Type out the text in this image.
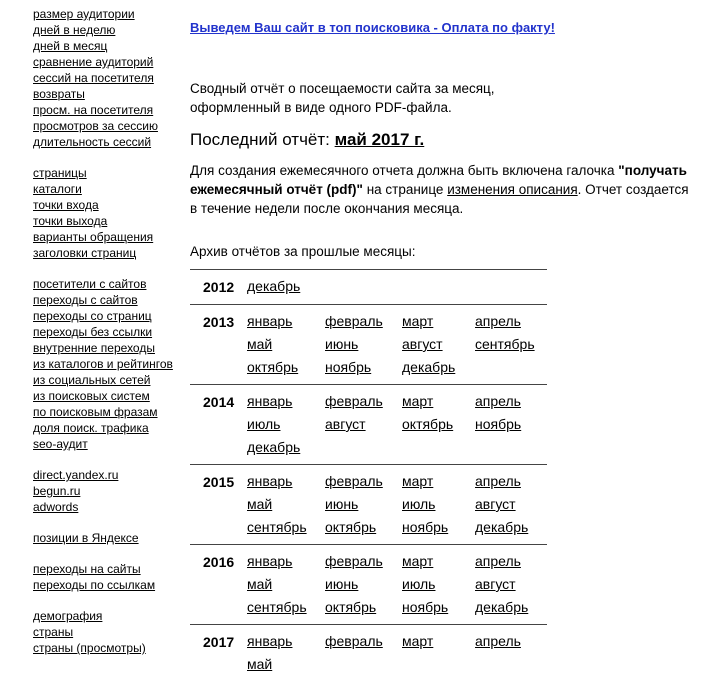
размер аудитории
дней в неделю
дней в месяц
сравнение аудиторий
сессий на посетителя
возвраты
просм. на посетителя
просмотров за сессию
длительность сессий
страницы
каталоги
точки входа
точки выхода
варианты обращения
заголовки страниц
посетители с сайтов
переходы с сайтов
переходы со страниц
переходы без ссылки
внутренние переходы
из каталогов и рейтингов
из социальных сетей
из поисковых систем
по поисковым фразам
доля поиск. трафика
seo-аудит
direct.yandex.ru
begun.ru
adwords
позиции в Яндексе
переходы на сайты
переходы по ссылкам
демография
страны
страны (просмотры)

Выведем Ваш сайт в топ поисковика - Оплата по факту!

Сводный отчёт о посещаемости сайта за месяц,
оформленный в виде одного PDF-файла.

Последний отчёт: май 2017 г.

Для создания ежемесячного отчета должна быть включена галочка "получать ежемесячный отчёт (pdf)" на странице изменения описания. Отчет создается в течение недели после окончания месяца.

Архив отчётов за прошлые месяцы:

2012 декабрь
2013 январь февраль март	апрель
май	июнь	август сентябрь
октябрь ноябрь декабрь
2014 январь февраль март	апрель
июль	август	октябрь ноябрь
декабрь
2015 январь февраль март	апрель
май	июнь	июль	август
сентябрь октябрь ноябрь декабрь
2016 январь февраль март	апрель
май	июнь	июль	август
сентябрь октябрь ноябрь декабрь
2017 январь февраль март	апрель
май
